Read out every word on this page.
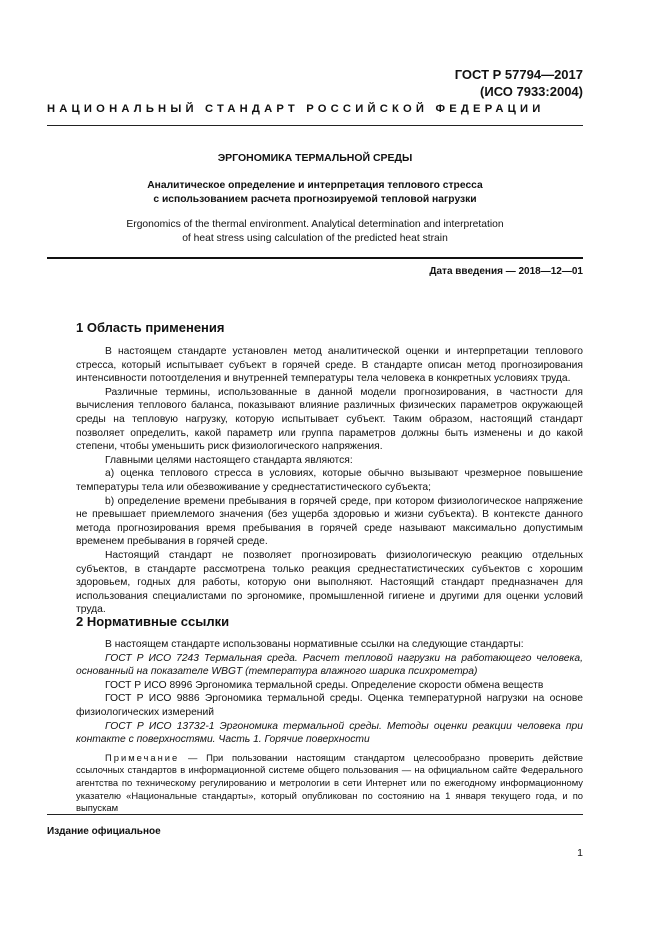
ГОСТ Р 57794—2017
(ИСО 7933:2004)
НАЦИОНАЛЬНЫЙ СТАНДАРТ РОССИЙСКОЙ ФЕДЕРАЦИИ
ЭРГОНОМИКА ТЕРМАЛЬНОЙ СРЕДЫ
Аналитическое определение и интерпретация теплового стресса
с использованием расчета прогнозируемой тепловой нагрузки
Ergonomics of the thermal environment. Analytical determination and interpretation
of heat stress using calculation of the predicted heat strain
Дата введения — 2018—12—01
1 Область применения

В настоящем стандарте установлен метод аналитической оценки и интерпретации теплового стресса, который испытывает субъект в горячей среде. В стандарте описан метод прогнозирования интенсивности потоотделения и внутренней температуры тела человека в конкретных условиях труда.

Различные термины, использованные в данной модели прогнозирования, в частности для вычисления теплового баланса, показывают влияние различных физических параметров окружающей среды на тепловую нагрузку, которую испытывает субъект. Таким образом, настоящий стандарт позволяет определить, какой параметр или группа параметров должны быть изменены и до какой степени, чтобы уменьшить риск физиологического напряжения.

Главными целями настоящего стандарта являются:

а) оценка теплового стресса в условиях, которые обычно вызывают чрезмерное повышение температуры тела или обезвоживание у среднестатистического субъекта;

b) определение времени пребывания в горячей среде, при котором физиологическое напряжение не превышает приемлемого значения (без ущерба здоровью и жизни субъекта). В контексте данного метода прогнозирования время пребывания в горячей среде называют максимально допустимым временем пребывания в горячей среде.

Настоящий стандарт не позволяет прогнозировать физиологическую реакцию отдельных субъектов, в стандарте рассмотрена только реакция среднестатистических субъектов с хорошим здоровьем, годных для работы, которую они выполняют. Настоящий стандарт предназначен для использования специалистами по эргономике, промышленной гигиене и другими для оценки условий труда.

2 Нормативные ссылки

В настоящем стандарте использованы нормативные ссылки на следующие стандарты:

ГОСТ Р ИСО 7243 Термальная среда. Расчет тепловой нагрузки на работающего человека, основанный на показателе WBGT (температура влажного шарика психрометра)

ГОСТ Р ИСО 8996 Эргономика термальной среды. Определение скорости обмена веществ

ГОСТ Р ИСО 9886 Эргономика термальной среды. Оценка температурной нагрузки на основе физиологических измерений

ГОСТ Р ИСО 13732-1 Эргономика термальной среды. Методы оценки реакции человека при контакте с поверхностями. Часть 1. Горячие поверхности

Примечание — При пользовании настоящим стандартом целесообразно проверить действие ссылочных стандартов в информационной системе общего пользования — на официальном сайте Федерального агентства по техническому регулированию и метрологии в сети Интернет или по ежегодному информационному указателю «Национальные стандарты», который опубликован по состоянию на 1 января текущего года, и по выпускам

Издание официальное
1
